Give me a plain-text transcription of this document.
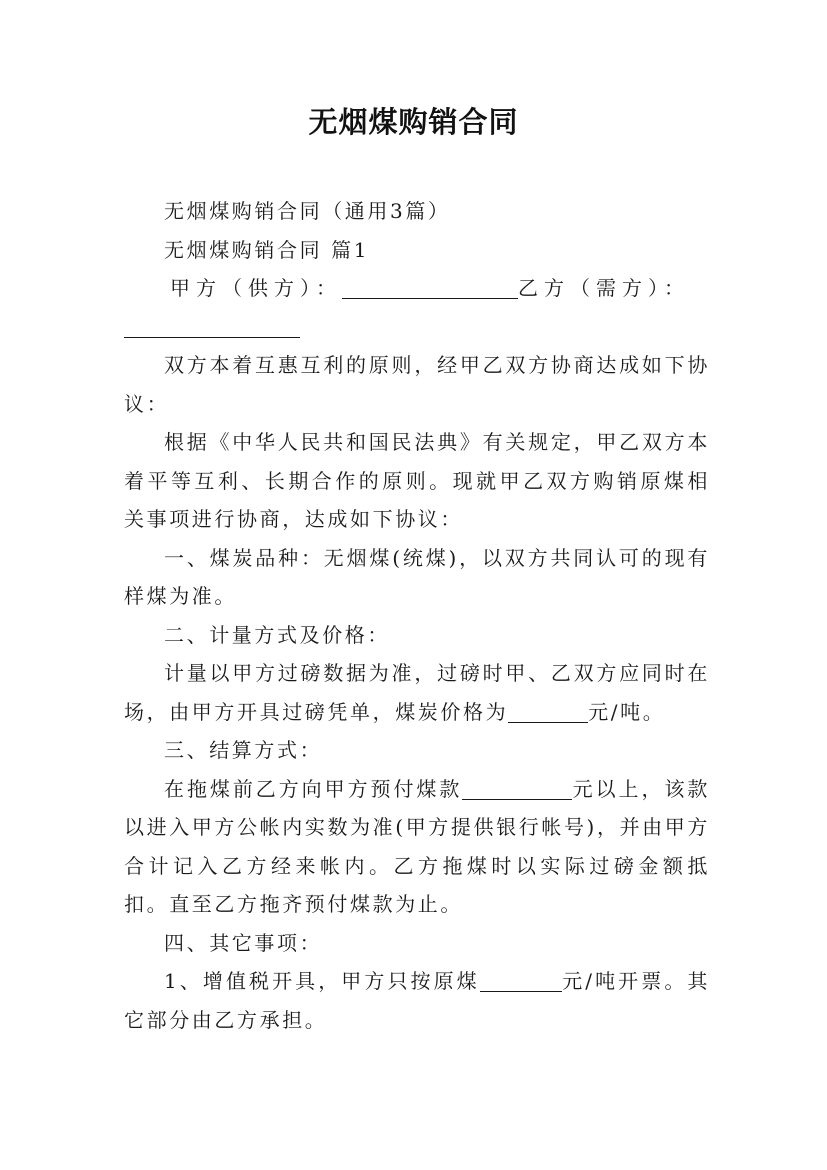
无烟煤购销合同

无烟煤购销合同（通用3篇）

无烟煤购销合同 篇1

甲方（供方）：	乙方（需方）：

双方本着互惠互利的原则，经甲乙双方协商达成如下协议：

根据《中华人民共和国民法典》有关规定，甲乙双方本着平等互利、长期合作的原则。现就甲乙双方购销原煤相关事项进行协商，达成如下协议：

一、煤炭品种：无烟煤(统煤)，以双方共同认可的现有样煤为准。

二、计量方式及价格：

计量以甲方过磅数据为准，过磅时甲、乙双方应同时在场，由甲方开具过磅凭单，煤炭价格为	元/吨。

三、结算方式：

在拖煤前乙方向甲方预付煤款	元以上，该款以进入甲方公帐内实数为准(甲方提供银行帐号)，并由甲方合计记入乙方经来帐内。乙方拖煤时以实际过磅金额抵扣。直至乙方拖齐预付煤款为止。

四、其它事项：

1、增值税开具，甲方只按原煤	元/吨开票。其它部分由乙方承担。
